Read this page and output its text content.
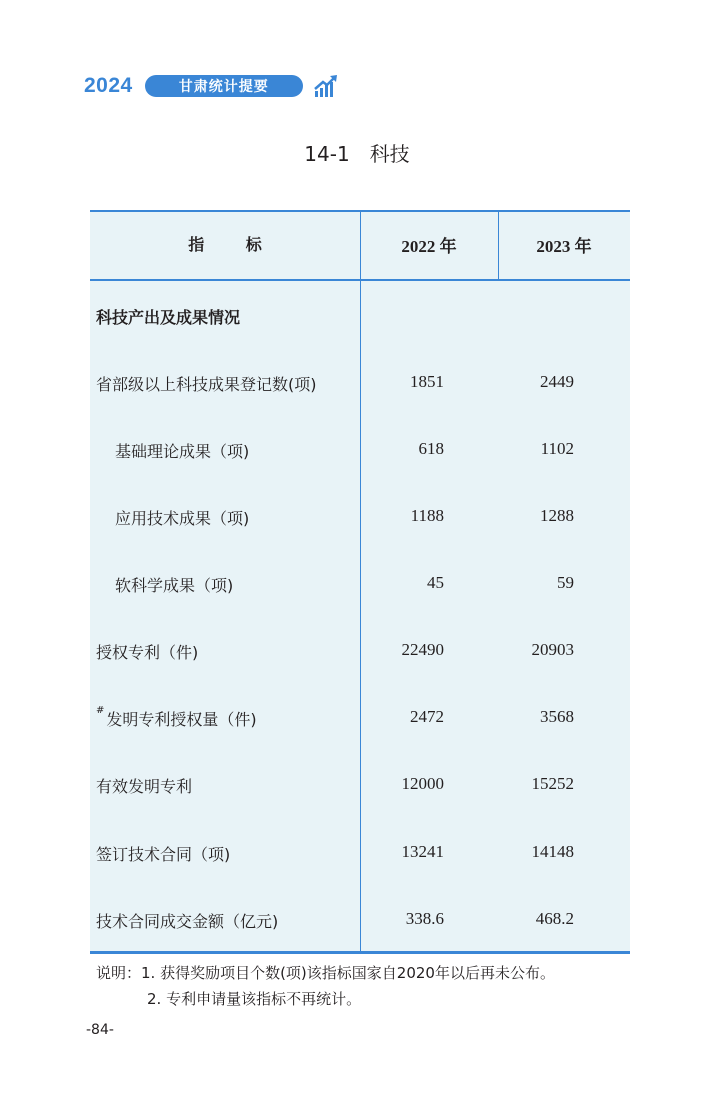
2024	甘肃统计提要
14-1 科技
指 标	2022 年	2023 年
科技产出及成果情况
省部级以上科技成果登记数(项)	1851	2449
基础理论成果（项)	618	1102
应用技术成果（项)	1188	1288
软科学成果（项)	45	59
授权专利（件)	22490	20903
# 发明专利授权量（件)	2472	3568
有效发明专利	12000	15252
签订技术合同（项)	13241	14148
技术合同成交金额（亿元)	338.6	468.2
说明：1. 获得奖励项目个数(项)该指标国家自2020年以后再未公布。
2. 专利申请量该指标不再统计。
-84-
